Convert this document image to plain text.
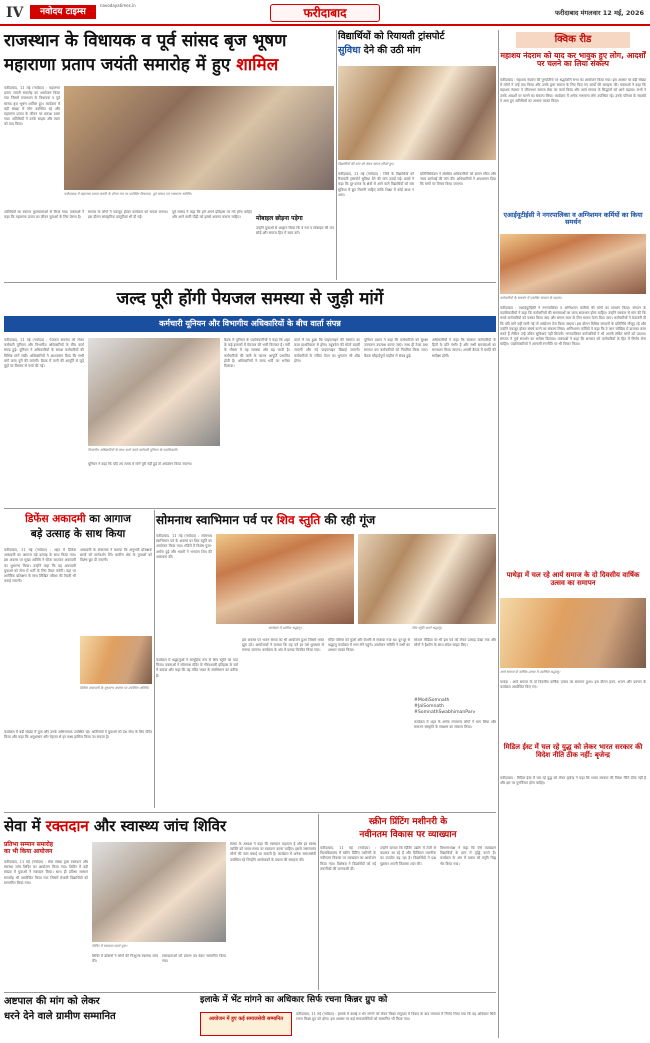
IV	नवोदय टाइम्स
navodayatimes.in
फरीदाबाद	फरीदाबाद मंगलवार 12 मई, 2026
राजस्थान के विधायक व पूर्व सांसद बृज भूषण
महाराणा प्रताप जयंती समारोह में हुए शामिल
फरीदाबाद, 11 मई (नवोदय) : महाराणा प्रताप जयंती समारोह का आयोजन किया गया जिसमें राजस्थान के विधायक व पूर्व सांसद बृज भूषण शामिल हुए। कार्यक्रम में बड़ी संख्या में लोग उपस्थित रहे और महाराणा प्रताप के जीवन पर प्रकाश डाला गया। अतिथियों ने उनके साहस और त्याग को याद किया।
फरीदाबाद में महाराणा प्रताप जयंती के दौरान मंच पर उपस्थित विधायक, पूर्व सांसद एवं गणमान्य अतिथि।
अतिथियों का स्वागत फूलमालाओं से किया गया। वक्ताओं ने कहा कि महाराणा प्रताप का जीवन युवाओं के लिए प्रेरणा है।
समाज के लोगों ने एकजुट होकर कार्यक्रम को सफल बनाया। इस दौरान सांस्कृतिक प्रस्तुतियां भी दी गईं।
पूर्व सांसद ने कहा कि हमें अपने इतिहास पर गर्व होना चाहिए और आने वाली पीढ़ी को इससे अवगत कराना चाहिए।	मोबाइल छोड़ना पड़ेगा
उन्होंने युवाओं से आह्वान किया कि वे नशे व मोबाइल की लत छोड़ें और समाज हित में काम करें।
विद्यार्थियों को रियायती ट्रांसपोर्ट
सुविधा देने की उठी मांग
विद्यार्थियों की मांग को लेकर ज्ञापन सौंपते हुए।
फरीदाबाद, 11 मई (नवोदय) : जिले के विद्यार्थियों को रियायती ट्रांसपोर्ट सुविधा देने की मांग उठाई गई। छात्रों ने कहा कि दूर-दराज के क्षेत्रों से आने वाले विद्यार्थियों को बस सुविधा में छूट मिलनी चाहिए ताकि शिक्षा में कोई बाधा न आए।
प्रतिनिधिमंडल ने संबंधित अधिकारियों को ज्ञापन सौंपा और जल्द कार्रवाई की मांग की। अधिकारियों ने आश्वासन दिया कि मांगों पर विचार किया जाएगा।
क्विक रीड
महाशय नंदराम को याद कर भावुक हुए लोग, आदर्शों पर चलने का लिया संकल्प
फरीदाबाद : महाशय नंदराम की पुण्यतिथि पर श्रद्धांजलि सभा का आयोजन किया गया। इस अवसर पर बड़ी संख्या में लोगों ने उन्हें याद किया और उनके द्वारा समाज के लिए किए गए कार्यों की सराहना की। वक्ताओं ने कहा कि महाशय नंदराम ने जीवनभर समाज सेवा का कार्य किया और आर्य समाज के सिद्धांतों को आगे बढ़ाया। सभी ने उनके आदर्शों पर चलने का संकल्प लिया। कार्यक्रम में अनेक गणमान्य लोग उपस्थित रहे। उनके परिवार के सदस्यों ने आए हुए अतिथियों का आभार व्यक्त किया।
एआईयूटीईसी ने नगरपालिका व अग्निशमन कर्मियों का किया समर्थन
कर्मचारियों के समर्थन में एकत्रित संगठन के सदस्य।
फरीदाबाद : एआईयूटीईसी ने नगरपालिका व अग्निशमन कर्मियों की मांगों का समर्थन किया। संगठन के पदाधिकारियों ने कहा कि कर्मचारियों की समस्याओं का जल्द समाधान होना चाहिए। उन्होंने सरकार से मांग की कि कच्चे कर्मचारियों को पक्का किया जाए और समान काम के लिए समान वेतन दिया जाए। कर्मचारियों ने चेतावनी दी कि यदि मांगें नहीं मानी गईं तो आंदोलन तेज किया जाएगा। इस दौरान विभिन्न संगठनों के प्रतिनिधि मौजूद रहे और उन्होंने एकजुट होकर संघर्ष करने का संकल्प लिया। अग्निशमन कर्मियों ने कहा कि वे जान जोखिम में डालकर काम करते हैं लेकिन उन्हें उचित सुविधाएं नहीं मिलतीं। नगरपालिका कर्मचारियों ने भी अपनी लंबित मांगों को उठाया। संगठन ने पूर्ण समर्थन का भरोसा दिलाया। वक्ताओं ने कहा कि सरकार को कर्मचारियों के हित में निर्णय लेना चाहिए। पदाधिकारियों ने आगामी रणनीति पर भी विचार किया।
पाथेड़ा में चल रहे आर्य समाज के दो दिवसीय वार्षिक उत्सव का समापन
आर्य समाज के वार्षिक उत्सव में उपस्थित श्रद्धालु।
पाथेड़ा : आर्य समाज के दो दिवसीय वार्षिक उत्सव का समापन हुआ। इस दौरान हवन, भजन और प्रवचन के कार्यक्रम आयोजित किए गए।
मिडिल ईस्ट में चल रहे युद्ध को लेकर भारत सरकार की विदेश नीति ठीक नहीं: बृजेन्द्र
फरीदाबाद : मिडिल ईस्ट में चल रहे युद्ध को लेकर बृजेन्द्र ने कहा कि भारत सरकार की विदेश नीति ठीक नहीं है और इस पर पुनर्विचार होना चाहिए।
जल्द पूरी होंगी पेयजल समस्या से जुड़ी मांगें
कर्मचारी यूनियन और विभागीय अधिकारियों के बीच वार्ता संपन्न
फरीदाबाद, 11 मई (नवोदय) : पेयजल समस्या को लेकर कर्मचारी यूनियन और विभागीय अधिकारियों के बीच वार्ता संपन्न हुई। यूनियन ने अधिकारियों के समक्ष कर्मचारियों की विभिन्न मांगें रखीं। अधिकारियों ने आश्वासन दिया कि सभी मांगें जल्द पूरी की जाएंगी। बैठक में पानी की आपूर्ति से जुड़े मुद्दों पर विस्तार से चर्चा की गई।
विभागीय अधिकारियों के साथ वार्ता करते कर्मचारी यूनियन के पदाधिकारी।
यूनियन ने कहा कि यदि तय समय में मांगें पूरी नहीं हुईं तो आंदोलन किया जाएगा।
बैठक में यूनियन के पदाधिकारियों ने कहा कि शहर के कई इलाकों में पेयजल की भारी किल्लत है। गर्मी के मौसम में यह समस्या और बढ़ जाती है। कर्मचारियों की कमी के कारण आपूर्ति प्रभावित होती है। अधिकारियों ने जल्द भर्ती का भरोसा दिलाया।
वार्ता में तय हुआ कि पाइपलाइन की मरम्मत का काम प्राथमिकता से होगा। ट्यूबवेल की मोटरें बदली जाएंगी और नई पाइपलाइन बिछाई जाएगी। कर्मचारियों के लंबित वेतन का भुगतान भी शीघ्र होगा।
यूनियन प्रधान ने कहा कि कर्मचारियों को सुरक्षा उपकरण उपलब्ध कराए जाएं। साथ ही ठेका प्रथा समाप्त कर कर्मचारियों को नियमित किया जाए। बैठक सौहार्दपूर्ण माहौल में संपन्न हुई।
अधिकारियों ने कहा कि सरकार कर्मचारियों के हितों के प्रति गंभीर है और सभी समस्याओं का समाधान किया जाएगा। अगली बैठक में प्रगति की समीक्षा होगी।
डिफेंस अकादमी का आगाज
बड़े उत्साह के साथ किया
फरीदाबाद, 11 मई (नवोदय) : शहर में डिफेंस अकादमी का आगाज बड़े उत्साह के साथ किया गया। इस अवसर पर मुख्य अतिथि ने फीता काटकर अकादमी का शुभारंभ किया। उन्होंने कहा कि यह अकादमी युवाओं को सेना में भर्ती के लिए तैयार करेगी। यहां पर शारीरिक प्रशिक्षण के साथ लिखित परीक्षा की तैयारी भी कराई जाएगी।
अकादमी के संचालक ने बताया कि अनुभवी प्रशिक्षक छात्रों को मार्गदर्शन देंगे। ग्रामीण क्षेत्र के युवाओं को विशेष छूट दी जाएगी।
डिफेंस अकादमी के शुभारंभ अवसर पर उपस्थित अतिथि।
कार्यक्रम में बड़ी संख्या में युवा और उनके अभिभावक उपस्थित रहे। अतिथियों ने युवाओं को देश सेवा के लिए प्रेरित किया और कहा कि अनुशासन और मेहनत से हर लक्ष्य हासिल किया जा सकता है।
सोमनाथ स्वाभिमान पर्व पर शिव स्तुति की रही गूंज
फरीदाबाद, 11 मई (नवोदय) : सोमनाथ स्वाभिमान पर्व के अवसर पर शिव स्तुति का आयोजन किया गया। मंदिरों में विशेष पूजा-अर्चना हुई और भक्तों ने भगवान शिव की आराधना की।
कार्यक्रम में शामिल श्रद्धालु।	शिव स्तुति करते श्रद्धालु।
कार्यक्रम में श्रद्धालुओं ने सामूहिक रूप से शिव स्तुति का पाठ किया। वक्ताओं ने सोमनाथ मंदिर के गौरवशाली इतिहास के बारे में बताया और कहा कि यह मंदिर भारत के स्वाभिमान का प्रतीक है।
इस अवसर पर भजन संध्या का भी आयोजन हुआ जिसमें भक्त झूम उठे। आयोजकों ने बताया कि यह पर्व हर वर्ष धूमधाम से मनाया जाएगा। कार्यक्रम के अंत में प्रसाद वितरित किया गया।
मंदिर परिसर को फूलों और रोशनी से सजाया गया था। दूर-दूर से श्रद्धालु कार्यक्रम में भाग लेने पहुंचे। आयोजन समिति ने सभी का आभार व्यक्त किया।
सोशल मीडिया पर भी इस पर्व को लेकर उत्साह देखा गया और लोगों ने हैशटैग के साथ संदेश साझा किए।
#ModiSomnath
#JaiSomnath
#SomnathSwabhimanParv
कार्यक्रम में शहर के अनेक गणमान्य लोगों ने भाग लिया और सनातन संस्कृति के संरक्षण का संकल्प लिया।
सेवा में रक्तदान और स्वास्थ्य जांच शिविर
प्रतिभा सम्मान समारोह
का भी किया आयोजन
फरीदाबाद, 11 मई (नवोदय) : सेवा संस्था द्वारा रक्तदान और स्वास्थ्य जांच शिविर का आयोजन किया गया। शिविर में बड़ी संख्या में युवाओं ने रक्तदान किया। साथ ही प्रतिभा सम्मान समारोह भी आयोजित किया गया जिसमें मेधावी विद्यार्थियों को सम्मानित किया गया।
शिविर में रक्तदान करते युवा।
शिविर में डॉक्टरों ने लोगों की निःशुल्क स्वास्थ्य जांच की।
रक्तदाताओं को प्रमाण पत्र देकर सम्मानित किया गया।
संस्था के अध्यक्ष ने कहा कि रक्तदान महादान है और हर स्वस्थ व्यक्ति को समय-समय पर रक्तदान करना चाहिए। इससे जरूरतमंद लोगों की जान बचाई जा सकती है। कार्यक्रम में अनेक समाजसेवी उपस्थित रहे जिन्होंने आयोजकों के प्रयास की सराहना की।
स्क्रीन प्रिंटिंग मशीनरी के
नवीनतम विकास पर व्याख्यान
फरीदाबाद, 11 मई (नवोदय) : विश्वविद्यालय में स्क्रीन प्रिंटिंग मशीनरी के नवीनतम विकास पर व्याख्यान का आयोजन किया गया। विशेषज्ञ ने विद्यार्थियों को नई तकनीकों की जानकारी दी।
उन्होंने बताया कि प्रिंटिंग उद्योग में तेजी से बदलाव आ रहे हैं और डिजिटल तकनीक का उपयोग बढ़ रहा है। विद्यार्थियों ने प्रश्न पूछकर अपनी जिज्ञासा शांत की।
विभागाध्यक्ष ने कहा कि ऐसे व्याख्यान विद्यार्थियों के ज्ञान में वृद्धि करते हैं। कार्यक्रम के अंत में वक्ता को स्मृति चिह्न भेंट किया गया।
अष्टपाल की मांग को लेकर
धरने देने वाले ग्रामीण सम्मानित
इलाके में भेंट मांगने का अधिकार सिर्फ रचना किन्नर ग्रुप को
आयोजन में हुए कई समाजसेवी सम्मानित
फरीदाबाद, 11 मई (नवोदय) : इलाके में बधाई व भेंट मांगने को लेकर किन्नर समुदाय में विवाद के बाद पंचायत में निर्णय लिया गया कि यह अधिकार सिर्फ रचना किन्नर ग्रुप को होगा। इस अवसर पर कई समाजसेवियों को सम्मानित भी किया गया।
